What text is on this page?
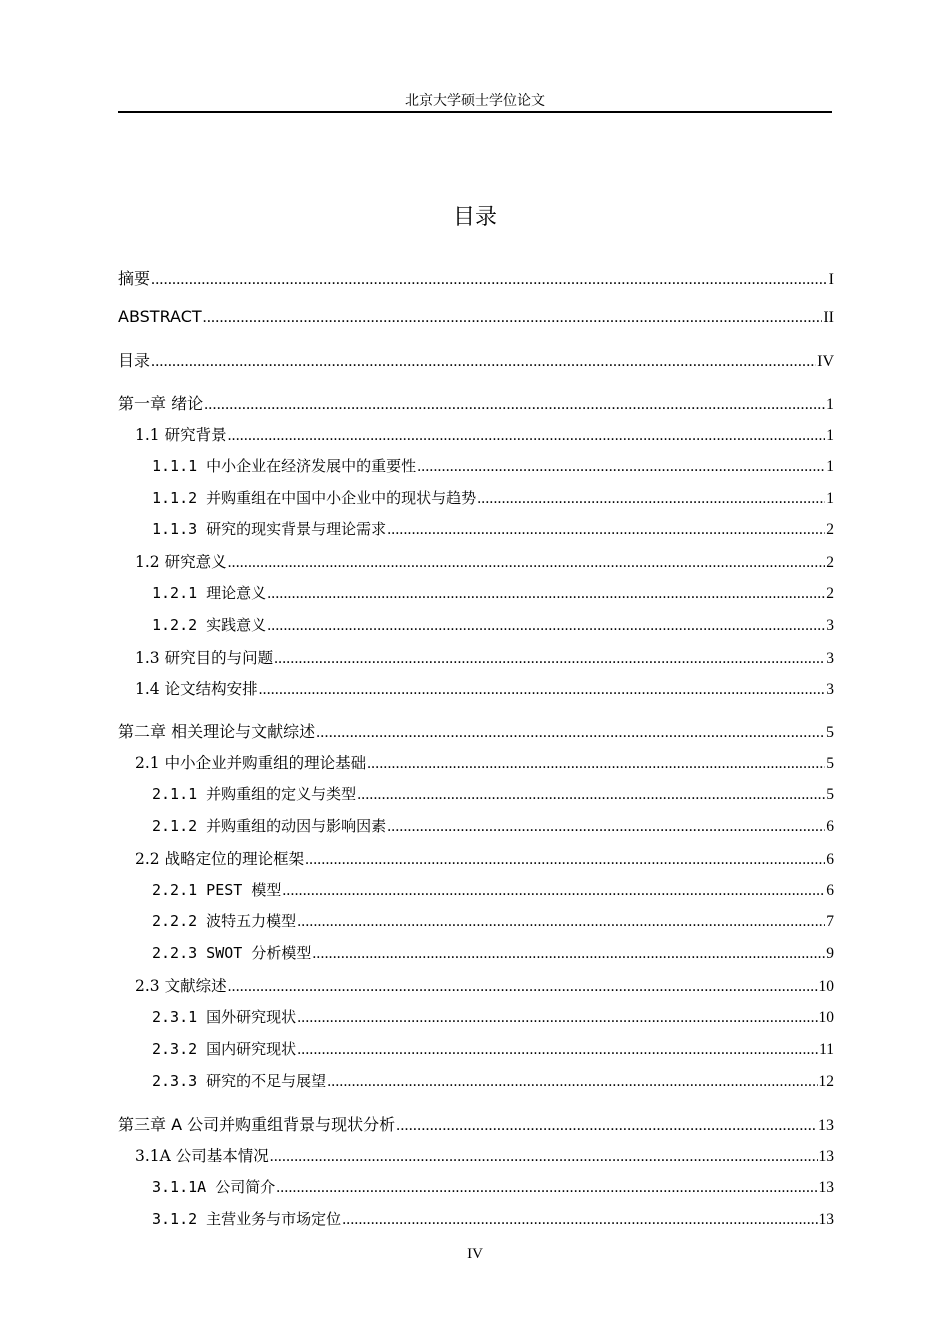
北京大学硕士学位论文
目录
摘要 .....	I
ABSTRACT .....	II
目录 .....	IV
第一章 绪论 .....	1
1.1 研究背景 .....	1
1.1.1 中小企业在经济发展中的重要性 .....	1
1.1.2 并购重组在中国中小企业中的现状与趋势 .....	1
1.1.3 研究的现实背景与理论需求 .....	2
1.2 研究意义 .....	2
1.2.1 理论意义 .....	2
1.2.2 实践意义 .....	3
1.3 研究目的与问题 .....	3
1.4 论文结构安排 .....	3
第二章 相关理论与文献综述 .....	5
2.1 中小企业并购重组的理论基础 .....	5
2.1.1 并购重组的定义与类型 .....	5
2.1.2 并购重组的动因与影响因素 .....	6
2.2 战略定位的理论框架 .....	6
2.2.1 PEST 模型 .....	6
2.2.2 波特五力模型 .....	7
2.2.3 SWOT 分析模型 .....	9
2.3 文献综述 .....	10
2.3.1 国外研究现状 .....	10
2.3.2 国内研究现状 .....	11
2.3.3 研究的不足与展望 .....	12
第三章 A 公司并购重组背景与现状分析 .....	13
3.1A 公司基本情况 .....	13
3.1.1A 公司简介 .....	13
3.1.2 主营业务与市场定位 .....	13
IV
